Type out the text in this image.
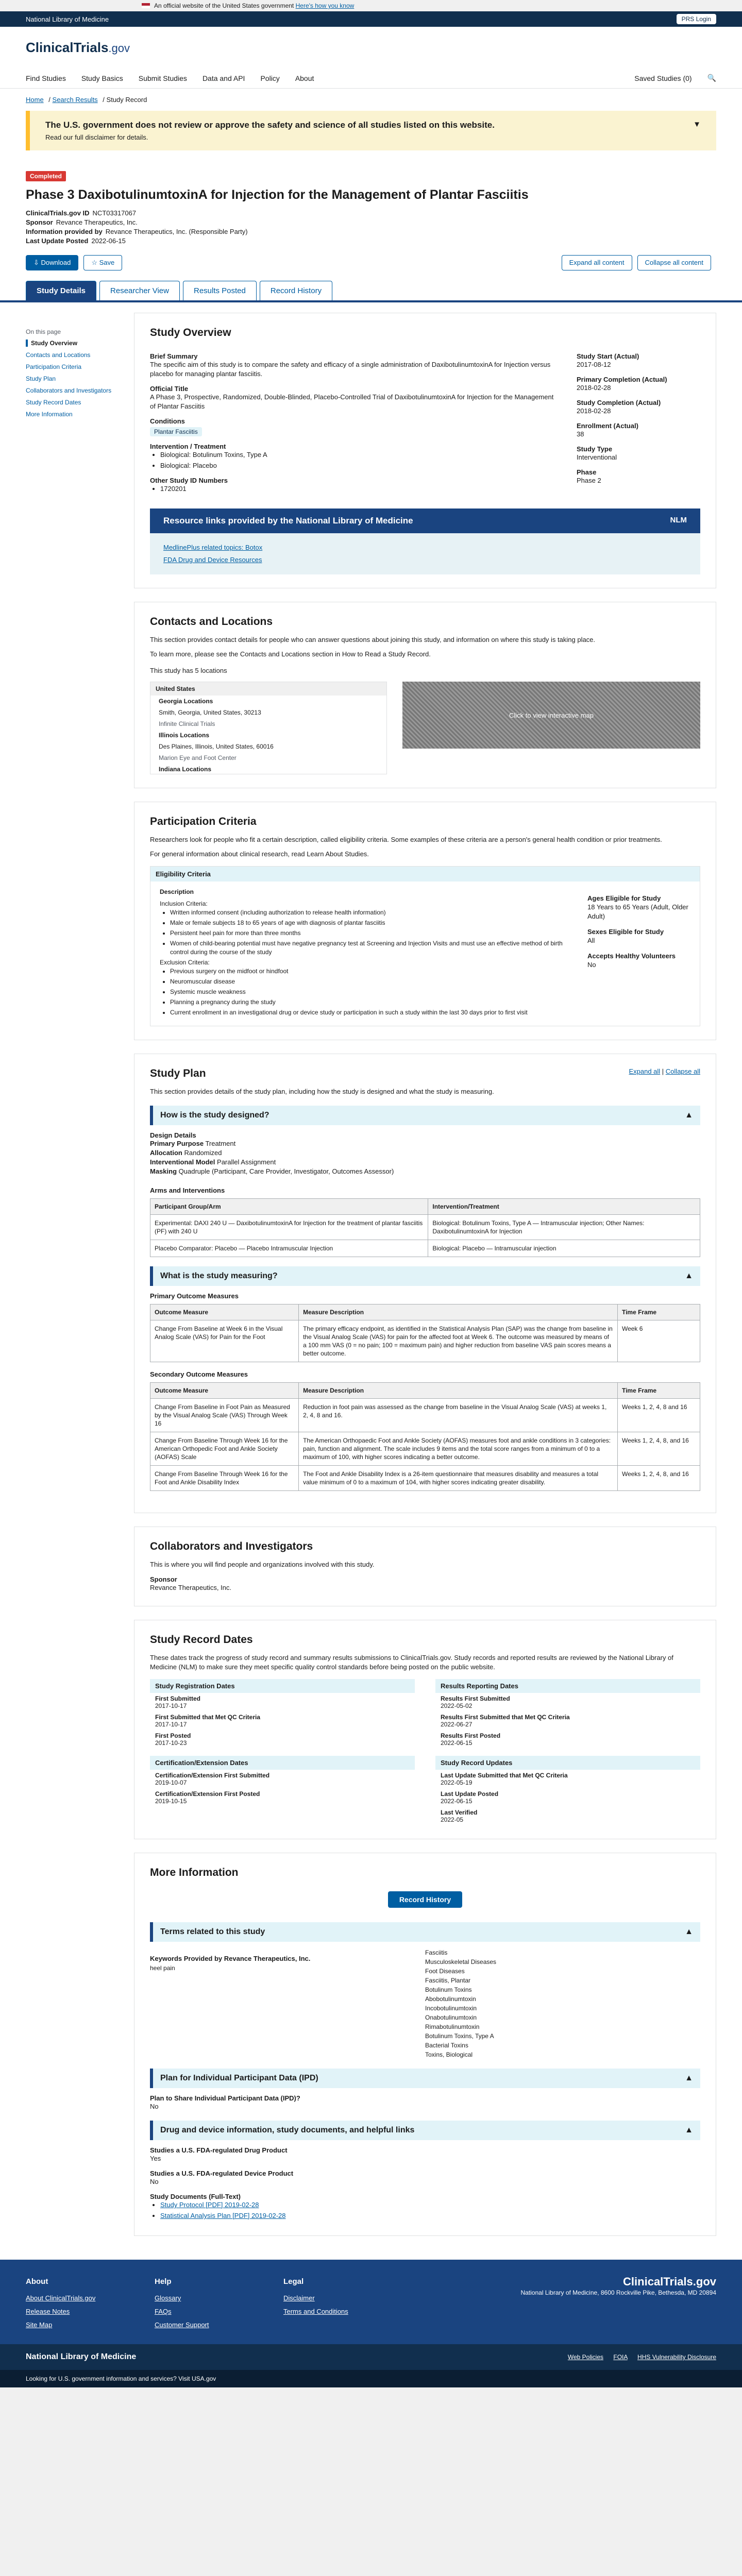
An official website of the United States government
Here's how you know
National Library of Medicine	PRS Login
ClinicalTrials.gov
Find Studies Study Basics Submit Studies Data and API Policy About	Saved Studies (0) 🔍
Home / Search Results / Study Record
The U.S. government does not review or approve the safety and science of all studies listed on this website.

Read our full disclaimer for details.

▼
Completed
Phase 3 DaxibotulinumtoxinA for Injection for the Management of Plantar Fasciitis
ClinicalTrials.gov ID NCT03317067
Sponsor Revance Therapeutics, Inc.
Information provided by Revance Therapeutics, Inc. (Responsible Party)
Last Update Posted 2022-06-15
⇩ Download	☆ Save	Expand all content	Collapse all content
Study Details	Researcher View	Results Posted	Record History
On this page
Study Overview
Contacts and Locations
Participation Criteria
Study Plan
Collaborators and Investigators
Study Record Dates
More Information
Study Overview
Brief Summary
The specific aim of this study is to compare the safety and efficacy of a single administration of DaxibotulinumtoxinA for Injection versus placebo for managing plantar fasciitis.
Official Title
A Phase 3, Prospective, Randomized, Double-Blinded, Placebo-Controlled Trial of DaxibotulinumtoxinA for Injection for the Management of Plantar Fasciitis
Conditions
Plantar Fasciitis
Intervention / Treatment
• Biological: Botulinum Toxins, Type A
• Biological: Placebo
Other Study ID Numbers
• 1720201
Study Start (Actual)
2017-08-12
Primary Completion (Actual)
2018-02-28
Study Completion (Actual)
2018-02-28
Enrollment (Actual)
38
Study Type
Interventional
Phase
Phase 2
Resource links provided by the National Library of Medicine	NLM
MedlinePlus related topics: Botox
FDA Drug and Device Resources
Contacts and Locations
This section provides contact details for people who can answer questions about joining this study, and information on where this study is taking place.
To learn more, please see the Contacts and Locations section in How to Read a Study Record.
This study has 5 locations
United States
Georgia Locations
Smith, Georgia, United States, 30213
Infinite Clinical Trials
Illinois Locations
Des Plaines, Illinois, United States, 60016
Marion Eye and Foot Center
Indiana Locations
Click to view interactive map
Participation Criteria
Researchers look for people who fit a certain description, called eligibility criteria. Some examples of these criteria are a person's general health condition or prior treatments.
For general information about clinical research, read Learn About Studies.
Eligibility Criteria
Description
Inclusion Criteria:
• Written informed consent (including authorization to release health information)
• Male or female subjects 18 to 65 years of age with diagnosis of plantar fasciitis
• Persistent heel pain for more than three months
• Women of child-bearing potential must have negative pregnancy test at Screening and Injection Visits and must use an effective method of birth control during the course of the study
Exclusion Criteria:
• Previous surgery on the midfoot or hindfoot
• Neuromuscular disease
• Systemic muscle weakness
• Planning a pregnancy during the study
• Current enrollment in an investigational drug or device study or participation in such a study within the last 30 days prior to first visit
Ages Eligible for Study
18 Years to 65 Years (Adult, Older Adult)
Sexes Eligible for Study
All
Accepts Healthy Volunteers
No
Study Plan	Expand all | Collapse all
This section provides details of the study plan, including how the study is designed and what the study is measuring.
How is the study designed?	▲
Design Details
Primary Purpose Treatment
Allocation Randomized
Interventional Model Parallel Assignment
Masking Quadruple (Participant, Care Provider, Investigator, Outcomes Assessor)
Arms and Interventions
Participant Group/Arm	Intervention/Treatment
Experimental: DAXI 240 U — DaxibotulinumtoxinA for Injection for the treatment of plantar fasciitis (PF) with 240 U	Biological: Botulinum Toxins, Type A — Intramuscular injection; Other Names: DaxibotulinumtoxinA for Injection
Placebo Comparator: Placebo — Placebo Intramuscular Injection	Biological: Placebo — Intramuscular injection
What is the study measuring?	▲
Primary Outcome Measures
Outcome Measure	Measure Description	Time Frame
Change From Baseline at Week 6 in the Visual Analog Scale (VAS) for Pain for the Foot	The primary efficacy endpoint, as identified in the Statistical Analysis Plan (SAP) was the change from baseline in the Visual Analog Scale (VAS) for pain for the affected foot at Week 6. The outcome was measured by means of a 100 mm VAS (0 = no pain; 100 = maximum pain) and higher reduction from baseline VAS pain scores means a better outcome.	Week 6
Secondary Outcome Measures
Outcome Measure	Measure Description	Time Frame
Change From Baseline in Foot Pain as Measured by the Visual Analog Scale (VAS) Through Week 16	Reduction in foot pain was assessed as the change from baseline in the Visual Analog Scale (VAS) at weeks 1, 2, 4, 8 and 16.	Weeks 1, 2, 4, 8 and 16
Change From Baseline Through Week 16 for the American Orthopedic Foot and Ankle Society (AOFAS) Scale	The American Orthopaedic Foot and Ankle Society (AOFAS) measures foot and ankle conditions in 3 categories: pain, function and alignment. The scale includes 9 items and the total score ranges from a minimum of 0 to a maximum of 100, with higher scores indicating a better outcome.	Weeks 1, 2, 4, 8, and 16
Change From Baseline Through Week 16 for the Foot and Ankle Disability Index	The Foot and Ankle Disability Index is a 26-item questionnaire that measures disability and measures a total value minimum of 0 to a maximum of 104, with higher scores indicating greater disability.	Weeks 1, 2, 4, 8, and 16
Collaborators and Investigators
This is where you will find people and organizations involved with this study.
Sponsor
Revance Therapeutics, Inc.
Study Record Dates
These dates track the progress of study record and summary results submissions to ClinicalTrials.gov. Study records and reported results are reviewed by the National Library of Medicine (NLM) to make sure they meet specific quality control standards before being posted on the public website.
Study Registration Dates
First Submitted
2017-10-17
First Submitted that Met QC Criteria
2017-10-17
First Posted
2017-10-23
Results Reporting Dates
Results First Submitted
2022-05-02
Results First Submitted that Met QC Criteria
2022-06-27
Results First Posted
2022-06-15
Certification/Extension Dates
Certification/Extension First Submitted
2019-10-07
Certification/Extension First Posted
2019-10-15
Study Record Updates
Last Update Submitted that Met QC Criteria
2022-05-19
Last Update Posted
2022-06-15
Last Verified
2022-05
More Information
Record History
Terms related to this study	▲
Keywords Provided by Revance Therapeutics, Inc.
heel pain
Fasciitis
Musculoskeletal Diseases
Foot Diseases
Fasciitis, Plantar
Botulinum Toxins
Abobotulinumtoxin
Incobotulinumtoxin
Onabotulinumtoxin
Rimabotulinumtoxin
Botulinum Toxins, Type A
Bacterial Toxins
Toxins, Biological
Plan for Individual Participant Data (IPD)	▲
Plan to Share Individual Participant Data (IPD)?
No
Drug and device information, study documents, and helpful links	▲
Studies a U.S. FDA-regulated Drug Product
Yes
Studies a U.S. FDA-regulated Device Product
No
Study Documents (Full-Text)
• Study Protocol [PDF] 2019-02-28
• Statistical Analysis Plan [PDF] 2019-02-28
About
About ClinicalTrials.gov
Release Notes
Site Map
Help
Glossary
FAQs
Customer Support
Legal
Disclaimer
Terms and Conditions
ClinicalTrials.gov
National Library of Medicine, 8600 Rockville Pike, Bethesda, MD 20894
National Library of Medicine	Web Policies FOIA HHS Vulnerability Disclosure
Looking for U.S. government information and services? Visit USA.gov
